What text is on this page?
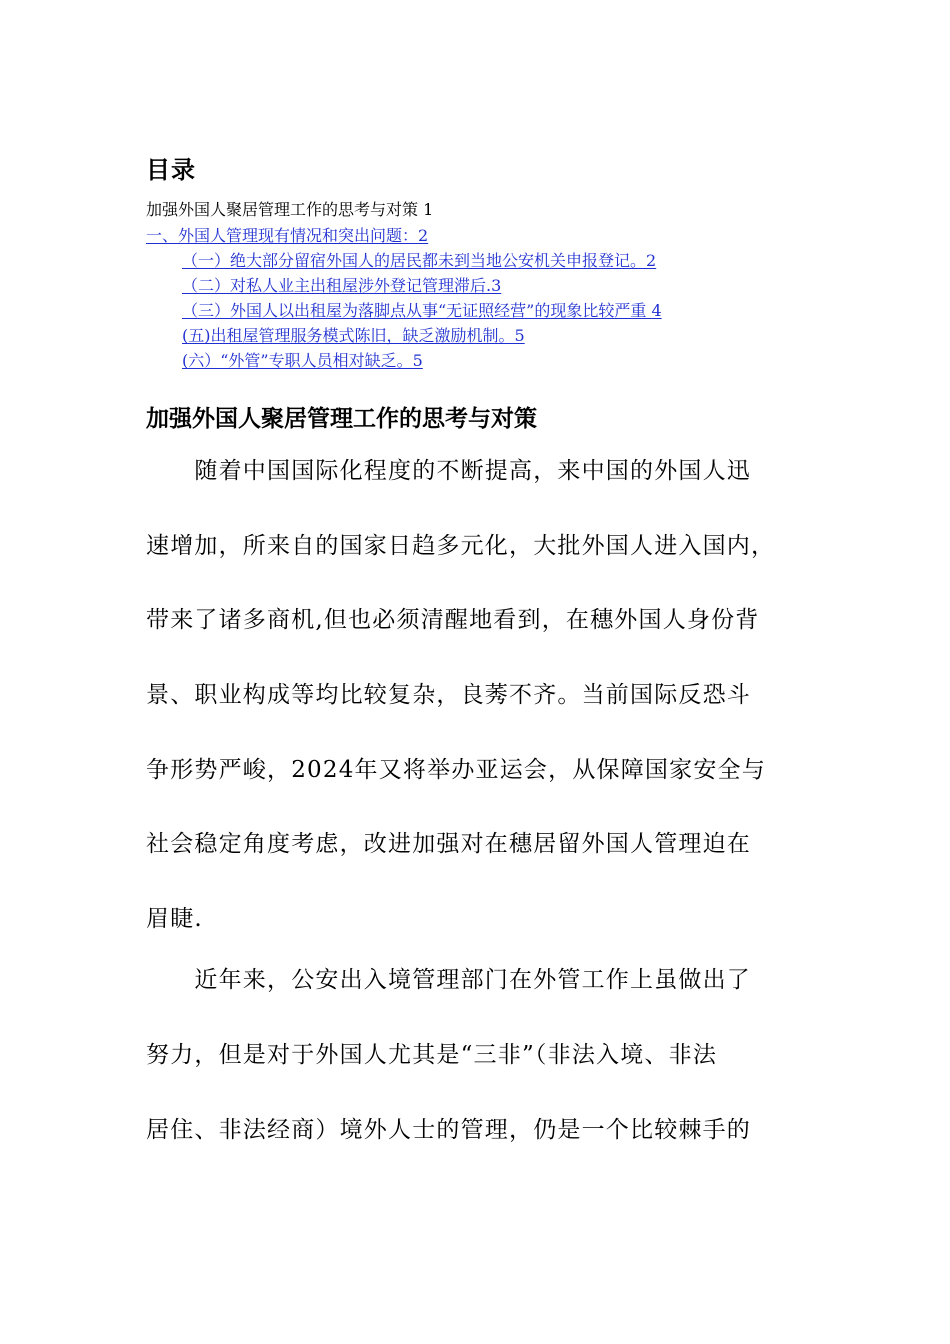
目录
加强外国人聚居管理工作的思考与对策 1
一、外国人管理现有情况和突出问题：2
（一）绝大部分留宿外国人的居民都未到当地公安机关申报登记。2
（二）对私人业主出租屋涉外登记管理滞后.3
（三）外国人以出租屋为落脚点从事“无证照经营”的现象比较严重 4
(五)出租屋管理服务模式陈旧，缺乏激励机制。5
(六）“外管”专职人员相对缺乏。5
加强外国人聚居管理工作的思考与对策
　　随着中国国际化程度的不断提高，来中国的外国人迅
速增加，所来自的国家日趋多元化，大批外国人进入国内，
带来了诸多商机,但也必须清醒地看到，在穗外国人身份背
景、职业构成等均比较复杂，良莠不齐。当前国际反恐斗
争形势严峻，2024年又将举办亚运会，从保障国家安全与
社会稳定角度考虑，改进加强对在穗居留外国人管理迫在
眉睫.
　　近年来，公安出入境管理部门在外管工作上虽做出了
努力，但是对于外国人尤其是“三非”（非法入境、非法
居住、非法经商）境外人士的管理，仍是一个比较棘手的
